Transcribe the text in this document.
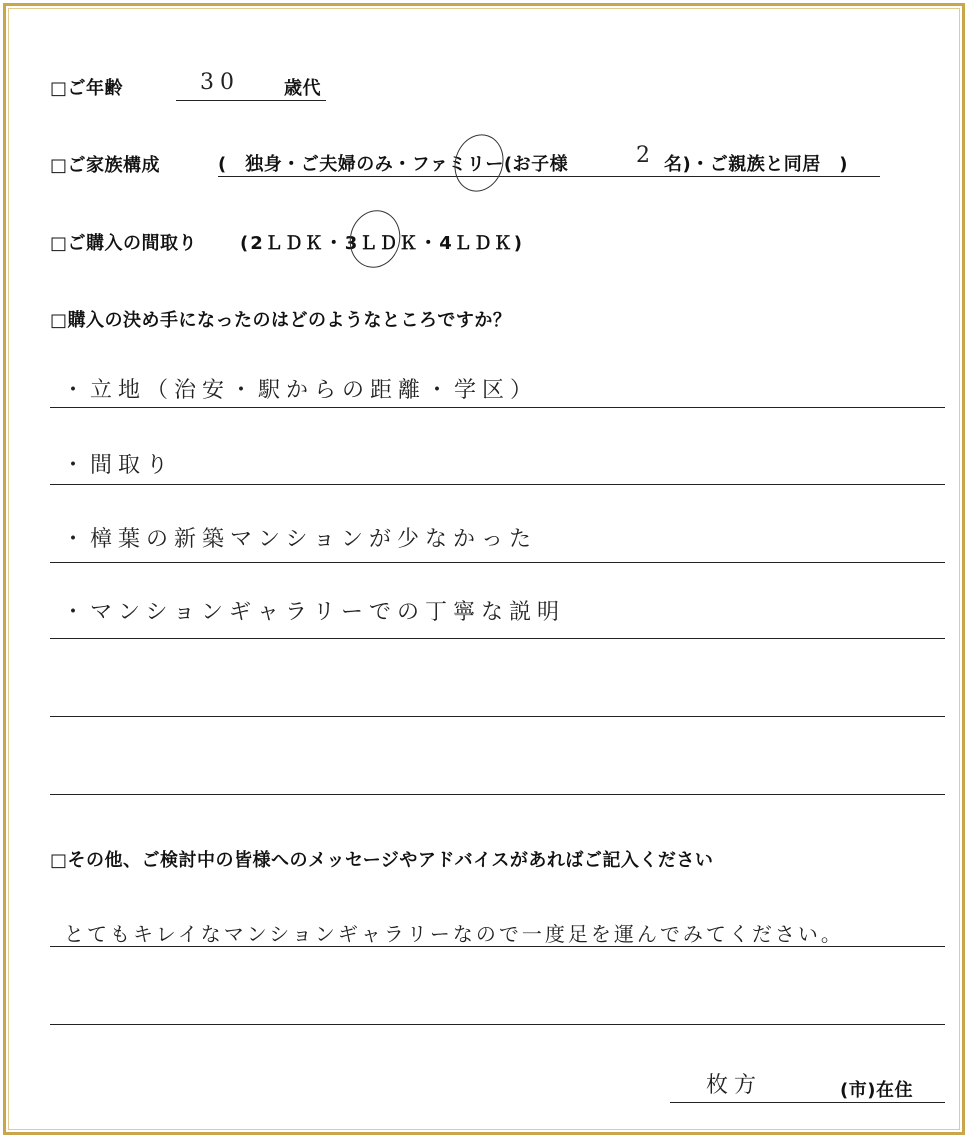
□ご年齢	30 歳代
□ご家族構成	(　独身・ご夫婦のみ・ファミリー(お子様	2 名)・ご親族と同居　)
□ご購入の間取り (2ＬＤＫ・3ＬＤＫ・4ＬＤＫ)
□購入の決め手になったのはどのようなところですか？
・立地（治安・駅からの距離・学区）
・間取り
・樟葉の新築マンションが少なかった
・マンションギャラリーでの丁寧な説明
□その他、ご検討中の皆様へのメッセージやアドバイスがあればご記入ください
とてもキレイなマンションギャラリーなので一度足を運んでみてください。
枚方	(市)在住
